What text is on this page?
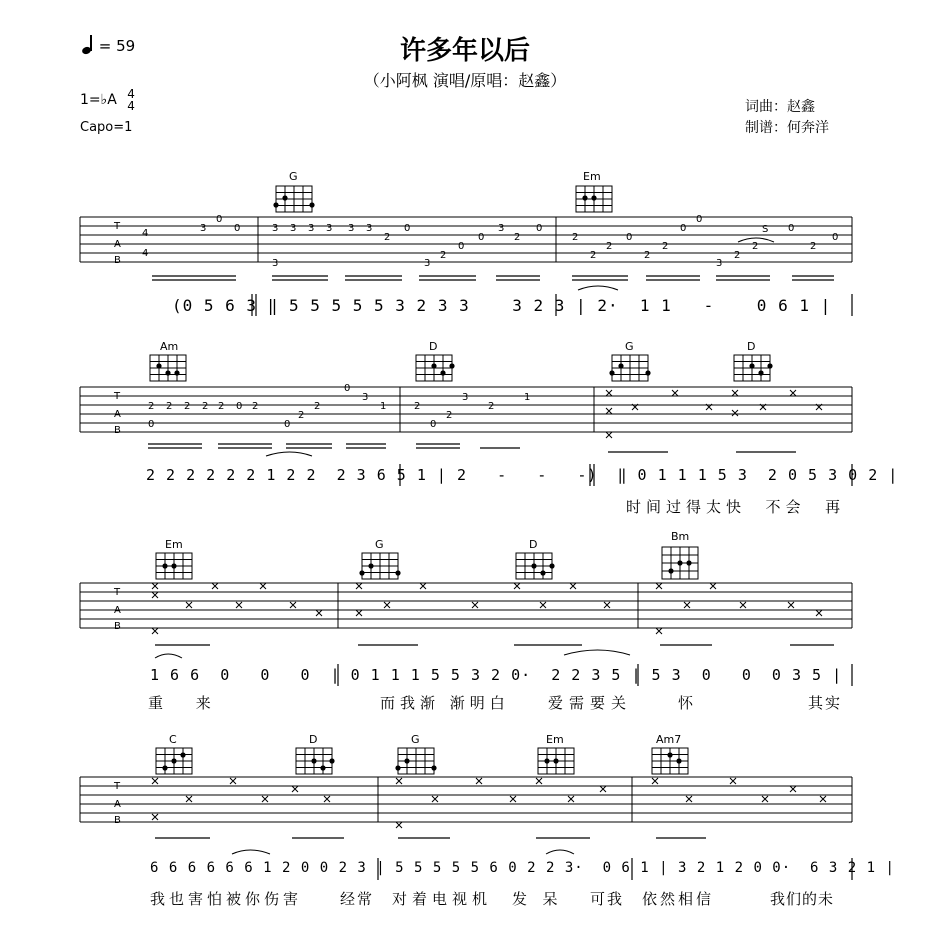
许多年以后
（小阿枫 演唱/原唱：赵鑫）
= 59
1=♭A 4
4
Capo=1
词曲：赵鑫
制谱：何奔洋
T
A
B
4
4
3
0
0	3 3 3 3
3
3 3
2
0
3
2
0
0
3
2
0
2
2
2
0
2
2
0
0
3
2
2
S 0
2
0
T
A
B
2 2 2 2 2 0 2
0	0
2
2
0
3
1	2
0
2
3
2
1
T
A
B
T
A
B
G	Em
Am	D	G	D
Em	G	D
Bm
C	D	G	Em	Am7
(0 5 6 3 ‖ 5 5 5 5 5 3 2 3 3    3 2 3 | 2·  1 1   -    0 6 1 |
2 2 2 2 2 2 1 2 2  2 3 6 5 1 | 2   -   -   -)  ‖ 0 1 1 1 5 3  2 0 5 3 0 2 |
1 6 6  0   0   0  | 0 1 1 1 5 5 3 2 0·  2 2 3 5 | 5 3  0   0  0 3 5 |
6 6 6 6 6 6 1 2 0 0 2 3 | 5 5 5 5 5 6 0 2 2 3·  0 6 1 | 3 2 1 2 0 0·  6 3 2 1 |
时间过得太快  不会  再
重 来	而我渐 渐明白	爱需要关	怀	其实
我也害怕被你伤害	经常 对着电视机 发  呆 可我 依然相信	我们的未
